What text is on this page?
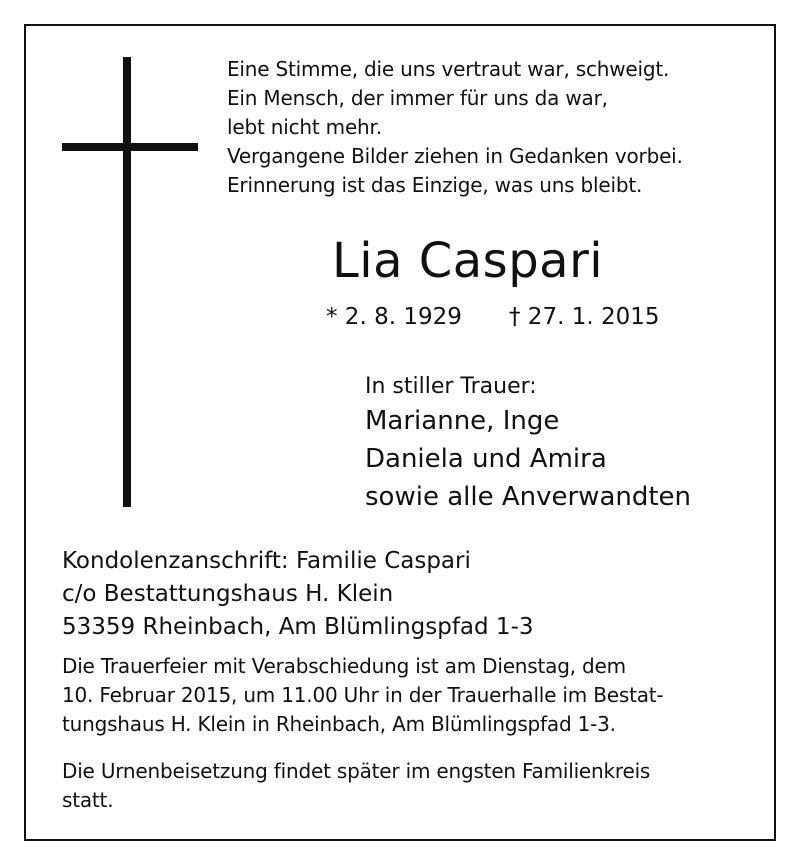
Eine Stimme, die uns vertraut war, schweigt.
Ein Mensch, der immer für uns da war,
lebt nicht mehr.
Vergangene Bilder ziehen in Gedanken vorbei.
Erinnerung ist das Einzige, was uns bleibt.
Lia Caspari
* 2. 8. 1929 † 27. 1. 2015
In stiller Trauer:
Marianne, Inge
Daniela und Amira
sowie alle Anverwandten
Kondolenzanschrift: Familie Caspari
c/o Bestattungshaus H. Klein
53359 Rheinbach, Am Blümlingspfad 1-3
Die Trauerfeier mit Verabschiedung ist am Dienstag, dem
10. Februar 2015, um 11.00 Uhr in der Trauerhalle im Bestat-
tungshaus H. Klein in Rheinbach, Am Blümlingspfad 1-3.
Die Urnenbeisetzung findet später im engsten Familienkreis
statt.
